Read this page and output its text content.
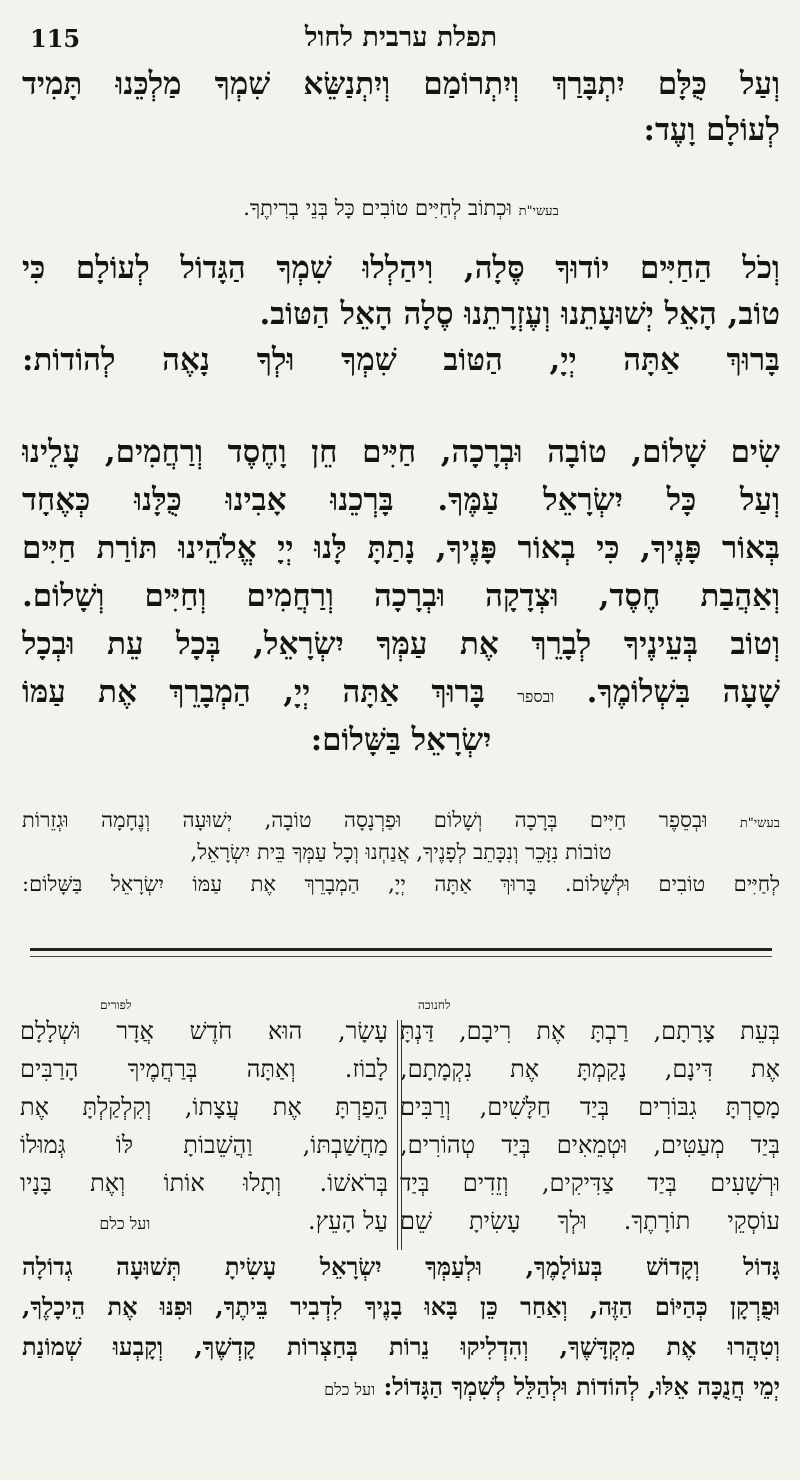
115	תפלת ערבית לחול
וְעַל כֻּלָּם יִתְבָּרַךְ וְיִתְרוֹמַם וְיִתְנַשֵּׂא שִׁמְךָ מַלְכֵּנוּ תָּמִיד
לְעוֹלָם וָעֶד:
בעשי"ת וּכְתוֹב לְחַיִּים טוֹבִים כָּל בְּנֵי בְרִיתֶךָ.
וְכֹל הַחַיִּים יוֹדוּךָ סֶּלָה, וִיהַלְלוּ שִׁמְךָ הַגָּדוֹל לְעוֹלָם כִּי
טוֹב, הָאֵל יְשׁוּעָתֵנוּ וְעֶזְרָתֵנוּ סֶלָה הָאֵל הַטּוֹב.
בָּרוּךְ אַתָּה יְיָ, הַטּוֹב שִׁמְךָ וּלְךָ נָאֶה לְהוֹדוֹת:
שִׂים שָׁלוֹם, טוֹבָה וּבְרָכָה, חַיִּים חֵן וָחֶסֶד וְרַחֲמִים, עָלֵינוּ
וְעַל כָּל יִשְׂרָאֵל עַמֶּךָ. בָּרְכֵנוּ אָבִינוּ כֻּלָּנוּ כְּאֶחָד
בְּאוֹר פָּנֶיךָ, כִּי בְאוֹר פָּנֶיךָ, נָתַתָּ לָּנוּ יְיָ אֱלֹהֵינוּ תּוֹרַת חַיִּים
וְאַהֲבַת חֶסֶד, וּצְדָקָה וּבְרָכָה וְרַחֲמִים וְחַיִּים וְשָׁלוֹם.
וְטוֹב בְּעֵינֶיךָ לְבָרֵךְ אֶת עַמְּךָ יִשְׂרָאֵל, בְּכָל עֵת וּבְכָל
שָׁעָה בִּשְׁלוֹמֶךָ. ובספר בָּרוּךְ אַתָּה יְיָ, הַמְבָרֵךְ אֶת עַמּוֹ
יִשְׂרָאֵל בַּשָּׁלוֹם:
בעשי"ת וּבְסֵפֶר חַיִּים בְּרָכָה וְשָׁלוֹם וּפַרְנָסָה טוֹבָה, יְשׁוּעָה וְנֶחָמָה וּגְזֵרוֹת
טוֹבוֹת נִזָּכֵר וְנִכָּתֵב לְפָנֶיךָ, אֲנַחְנוּ וְכָל עַמְּךָ בֵּית יִשְׂרָאֵל,
לְחַיִּים טוֹבִים וּלְשָׁלוֹם. בָּרוּךְ אַתָּה יְיָ, הַמְבָרֵךְ אֶת עַמּוֹ יִשְׂרָאֵל בַּשָּׁלוֹם:
לחנוכה
בְּעֵת צָרָתָם, רַבְתָּ אֶת רִיבָם, דַּנְתָּ
אֶת דִּינָם, נָקַמְתָּ אֶת נִקְמָתָם,
מָסַרְתָּ גִבּוֹרִים בְּיַד חַלָּשִׁים, וְרַבִּים
בְּיַד מְעַטִּים, וּטְמֵאִים בְּיַד טְהוֹרִים,
וּרְשָׁעִים בְּיַד צַדִּיקִים, וְזֵדִים בְּיַד
עוֹסְקֵי תוֹרָתֶךָ. וּלְךָ עָשִׂיתָ שֵׁם
לפורים
עָשָׂר, הוּא חֹדֶשׁ אֲדָר וּשְׁלָלָם
לָבוֹז. וְאַתָּה בְּרַחֲמֶיךָ הָרַבִּים
הֵפַרְתָּ אֶת עֲצָתוֹ, וְקִלְקַלְתָּ אֶת
מַחֲשַׁבְתּוֹ, וַהֲשֵׁבוֹתָ לּוֹ גְּמוּלוֹ
בְּרֹאשׁוֹ. וְתָלוּ אוֹתוֹ וְאֶת בָּנָיו
עַל הָעֵץ. ועל כלם
גָּדוֹל וְקָדוֹשׁ בְּעוֹלָמֶךָ, וּלְעַמְּךָ יִשְׂרָאֵל עָשִׂיתָ תְּשׁוּעָה גְדוֹלָה
וּפֻרְקָן כְּהַיּוֹם הַזֶּה, וְאַחַר כֵּן בָּאוּ בָנֶיךָ לִדְבִיר בֵּיתֶךָ, וּפִנּוּ אֶת הֵיכָלֶךָ,
וְטִהֲרוּ אֶת מִקְדָּשֶׁךָ, וְהִדְלִיקוּ נֵרוֹת בְּחַצְרוֹת קָדְשֶׁךָ, וְקָבְעוּ שְׁמוֹנַת
יְמֵי חֲנֻכָּה אֵלּוּ, לְהוֹדוֹת וּלְהַלֵּל לְשִׁמְךָ הַגָּדוֹל: ועל כלם
